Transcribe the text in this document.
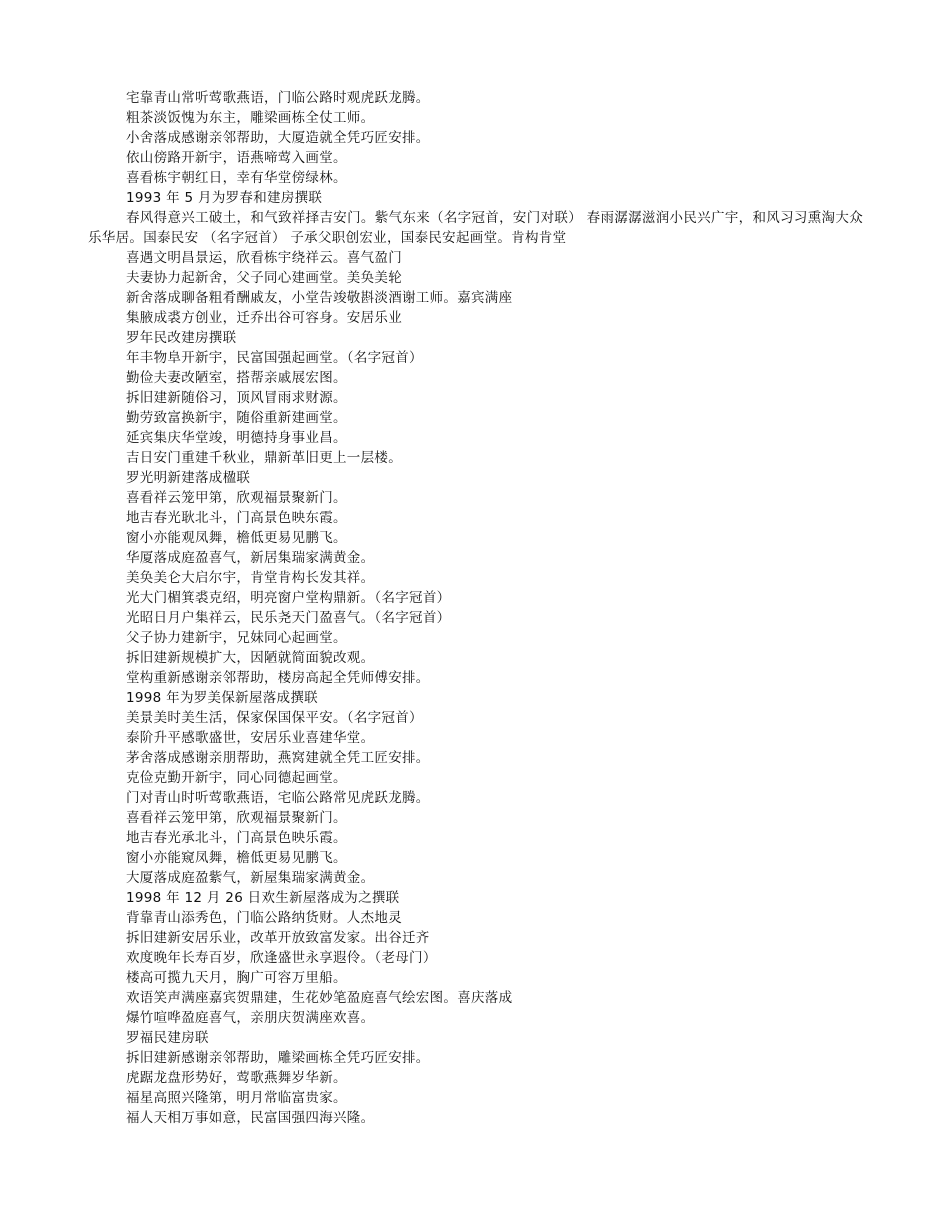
宅靠青山常听莺歌燕语，门临公路时观虎跃龙腾。
粗茶淡饭愧为东主，雕梁画栋全仗工师。
小舍落成感谢亲邻帮助，大厦造就全凭巧匠安排。
依山傍路开新宇，语燕啼莺入画堂。
喜看栋宇朝红日，幸有华堂傍绿林。
1993 年 5 月为罗春和建房撰联
春风得意兴工破土，和气致祥择吉安门。紫气东来（名字冠首，安门对联） 春雨潺潺滋润小民兴广宇，和风习习熏淘大众乐华居。国泰民安 （名字冠首） 子承父职创宏业，国泰民安起画堂。肯构肯堂
喜遇文明昌景运，欣看栋宇绕祥云。喜气盈门
夫妻协力起新舍，父子同心建画堂。美奂美轮
新舍落成聊备粗肴酬戚友，小堂告竣敬斟淡酒谢工师。嘉宾满座
集腋成裘方创业，迁乔出谷可容身。安居乐业
罗年民改建房撰联
年丰物阜开新宇，民富国强起画堂。（名字冠首）
勤俭夫妻改陋室，搭帮亲戚展宏图。
拆旧建新随俗习，顶风冒雨求财源。
勤劳致富换新宇，随俗重新建画堂。
延宾集庆华堂竣，明德持身事业昌。
吉日安门重建千秋业，鼎新革旧更上一层楼。
罗光明新建落成楹联
喜看祥云笼甲第，欣观福景聚新门。
地吉春光耿北斗，门高景色映东霞。
窗小亦能观凤舞，檐低更易见鹏飞。
华厦落成庭盈喜气，新居集瑞家满黄金。
美奂美仑大启尔宇，肯堂肯构长发其祥。
光大门楣箕裘克绍，明亮窗户堂构鼎新。（名字冠首）
光昭日月户集祥云，民乐尧天门盈喜气。（名字冠首）
父子协力建新宇，兄妹同心起画堂。
拆旧建新规模扩大，因陋就简面貌改观。
堂构重新感谢亲邻帮助，楼房高起全凭师傅安排。
1998 年为罗美保新屋落成撰联
美景美时美生活，保家保国保平安。（名字冠首）
泰阶升平感歌盛世，安居乐业喜建华堂。
茅舍落成感谢亲朋帮助，燕窝建就全凭工匠安排。
克俭克勤开新宇，同心同德起画堂。
门对青山时听莺歌燕语，宅临公路常见虎跃龙腾。
喜看祥云笼甲第，欣观福景聚新门。
地吉春光承北斗，门高景色映乐霞。
窗小亦能窥凤舞，檐低更易见鹏飞。
大厦落成庭盈紫气，新屋集瑞家满黄金。
1998 年 12 月 26 日欢生新屋落成为之撰联
背靠青山添秀色，门临公路纳货财。人杰地灵
拆旧建新安居乐业，改革开放致富发家。出谷迁齐
欢度晚年长寿百岁，欣逢盛世永享遐伶。（老母门）
楼高可揽九天月，胸广可容万里船。
欢语笑声满座嘉宾贺鼎建，生花妙笔盈庭喜气绘宏图。喜庆落成
爆竹喧哗盈庭喜气，亲朋庆贺满座欢喜。
罗福民建房联
拆旧建新感谢亲邻帮助，雕梁画栋全凭巧匠安排。
虎踞龙盘形势好，莺歌燕舞岁华新。
福星高照兴隆第，明月常临富贵家。
福人天相万事如意，民富国强四海兴隆。
